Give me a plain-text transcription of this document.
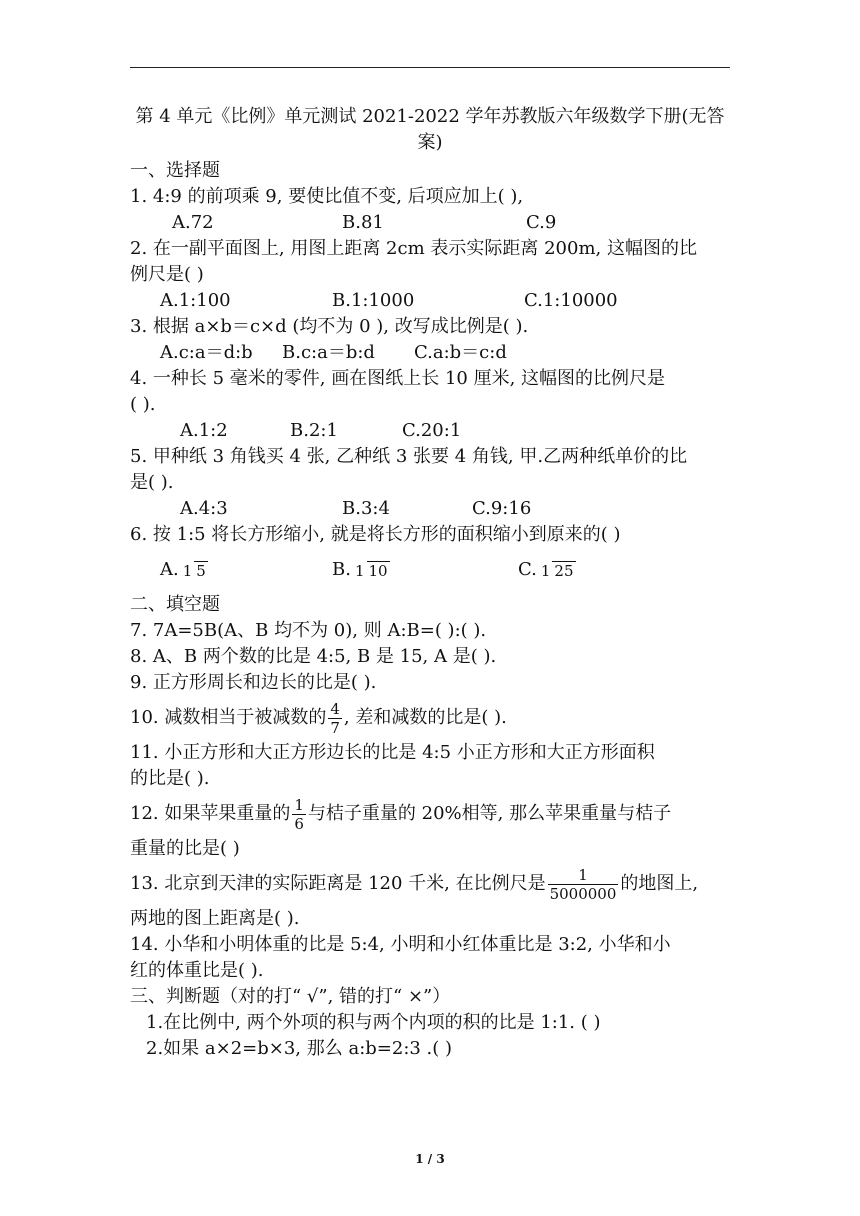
第 4 单元《比例》单元测试 2021-2022 学年苏教版六年级数学下册(无答案)
一、选择题
1. 4:9 的前项乘 9, 要使比值不变, 后项应加上( ),
A.72	B.81	C.9
2. 在一副平面图上, 用图上距离 2cm 表示实际距离 200m, 这幅图的比
例尺是( )
A.1:100	B.1:1000	C.1:10000
3. 根据 a×b＝c×d (均不为 0 ), 改写成比例是( ).
A.c:a＝d:b	B.c:a＝b:d	C.a:b＝c:d
4. 一种长 5 毫米的零件, 画在图纸上长 10 厘米, 这幅图的比例尺是
( ).
A.1:2	B.2:1	C.20:1
5. 甲种纸 3 角钱买 4 张, 乙种纸 3 张要 4 角钱, 甲.乙两种纸单价的比
是( ).
A.4:3	B.3:4	C.9:16
6. 按 1:5 将长方形缩小, 就是将长方形的面积缩小到原来的( )
A. 1 5	B. 1 10	C. 1 25
二、填空题
7. 7A=5B(A、B 均不为 0), 则 A:B=( ):( ).
8. A、B 两个数的比是 4:5, B 是 15, A 是( ).
9. 正方形周长和边长的比是( ).
10. 减数相当于被减数的 $\frac{4}{7}$ , 差和减数的比是( ).
11. 小正方形和大正方形边长的比是 4:5 小正方形和大正方形面积
的比是( ).
12. 如果苹果重量的 $\frac{1}{6}$ 与桔子重量的 20%相等, 那么苹果重量与桔子
重量的比是( )
13. 北京到天津的实际距离是 120 千米, 在比例尺是 $\frac{1}{5000000}$ 的地图上,
两地的图上距离是( ).
14. 小华和小明体重的比是 5:4, 小明和小红体重比是 3:2, 小华和小
红的体重比是( ).
三、判断题（对的打“ √”, 错的打“ ×”）
1.在比例中, 两个外项的积与两个内项的积的比是 1:1. ( )
2.如果 a×2=b×3, 那么 a:b=2:3 .( )
1 / 3
